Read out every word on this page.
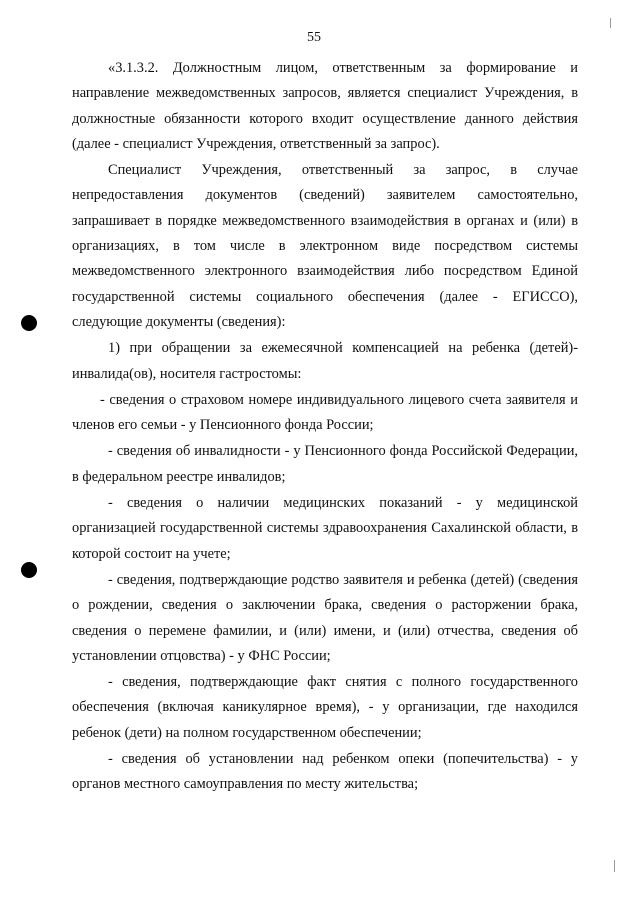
55

«3.1.3.2. Должностным лицом, ответственным за формирование и направление межведомственных запросов, является специалист Учреждения, в должностные обязанности которого входит осуществление данного действия (далее - специалист Учреждения, ответственный за запрос).

Специалист Учреждения, ответственный за запрос, в случае непредоставления документов (сведений) заявителем самостоятельно, запрашивает в порядке межведомственного взаимодействия в органах и (или) в организациях, в том числе в электронном виде посредством системы межведомственного электронного взаимодействия либо посредством Единой государственной системы социального обеспечения (далее - ЕГИССО), следующие документы (сведения):

1) при обращении за ежемесячной компенсацией на ребенка (детей)-инвалида(ов), носителя гастростомы:

- сведения о страховом номере индивидуального лицевого счета заявителя и членов его семьи - у Пенсионного фонда России;

- сведения об инвалидности - у Пенсионного фонда Российской Федерации, в федеральном реестре инвалидов;

- сведения о наличии медицинских показаний - у медицинской организацией государственной системы здравоохранения Сахалинской области, в которой состоит на учете;

- сведения, подтверждающие родство заявителя и ребенка (детей) (сведения о рождении, сведения о заключении брака, сведения о расторжении брака, сведения о перемене фамилии, и (или) имени, и (или) отчества, сведения об установлении отцовства) - у ФНС России;

- сведения, подтверждающие факт снятия с полного государственного обеспечения (включая каникулярное время), - у организации, где находился ребенок (дети) на полном государственном обеспечении;

- сведения об установлении над ребенком опеки (попечительства) - у органов местного самоуправления по месту жительства;
